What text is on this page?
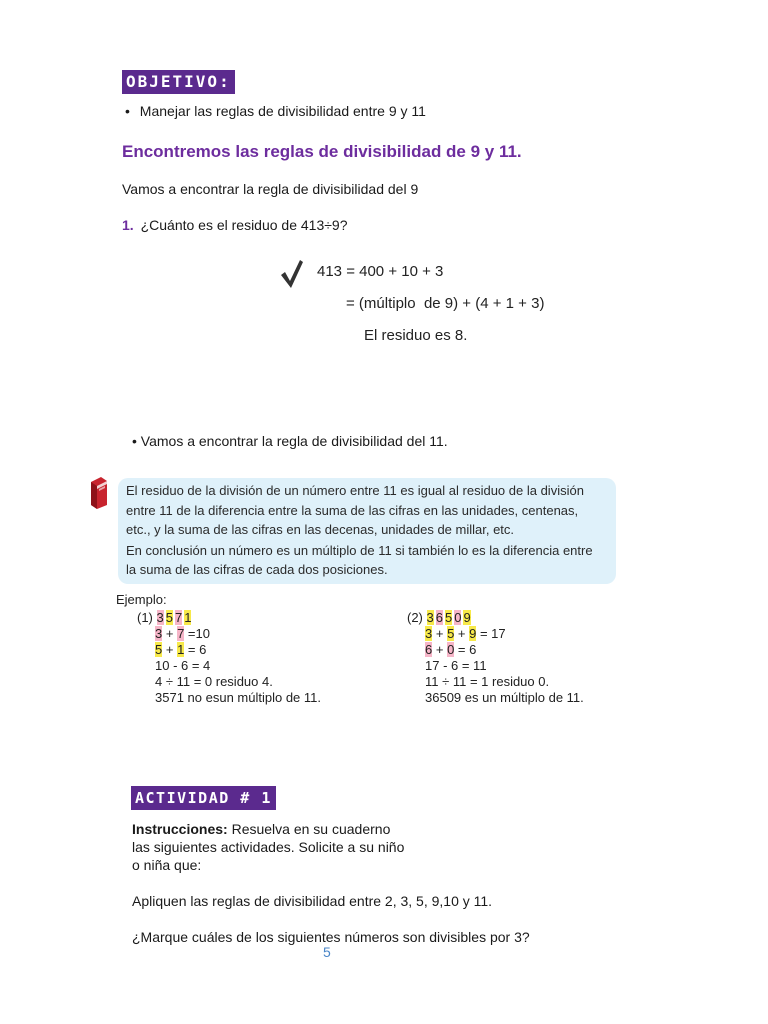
OBJETIVO:
• Manejar las reglas de divisibilidad entre 9 y 11
Encontremos las reglas de divisibilidad de 9 y 11.
Vamos a encontrar la regla de divisibilidad del 9
1. ¿Cuánto es el residuo de 413÷9?
413 = 400 + 10 + 3
= (múltiplo  de 9) + (4 + 1 + 3)
El residuo es 8.
• Vamos a encontrar la regla de divisibilidad del 11.

El residuo de la división de un número entre 11 es igual al residuo de la división entre 11 de la diferencia entre la suma de las cifras en las unidades, centenas, etc., y la suma de las cifras en las decenas, unidades de millar, etc.

En conclusión un número es un múltiplo de 11 si también lo es la diferencia entre la suma de las cifras de cada dos posiciones.

Ejemplo:
(1) 3 5 7 1
3 + 7 =10
5 + 1 = 6
10 - 6 = 4
4 ÷ 11 = 0 residuo 4.
3571 no esun múltiplo de 11.
(2) 3 6 5 0 9
3 + 5 + 9 = 17
6 + 0 = 6
17 - 6 = 11
11 ÷ 11 = 1 residuo 0.
36509 es un múltiplo de 11.
ACTIVIDAD # 1
Instrucciones: Resuelva en su cuaderno
las siguientes actividades. Solicite a su niño
o niña que:
Apliquen las reglas de divisibilidad entre 2, 3, 5, 9,10 y 11.
¿Marque cuáles de los siguientes números son divisibles por 3?
5
